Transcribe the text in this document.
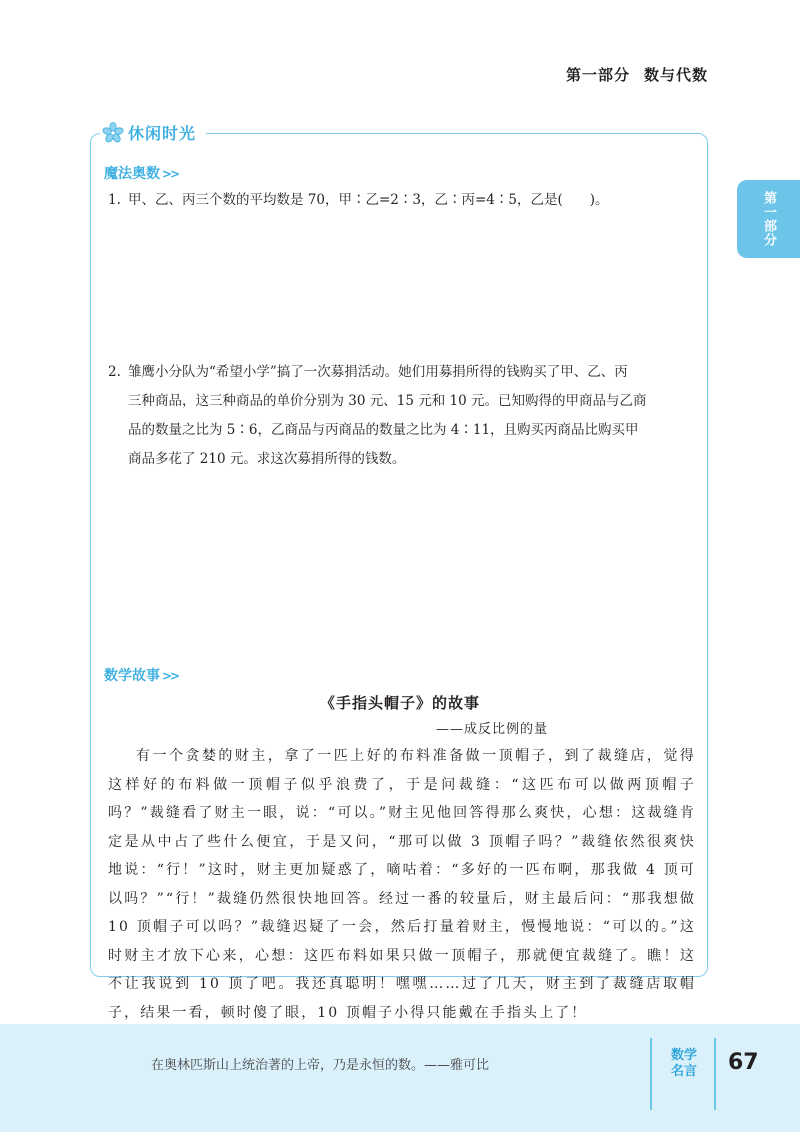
第一部分 数与代数
第一部分
休闲时光
魔法奥数 >>
1. 甲、乙、丙三个数的平均数是 70，甲∶乙=2∶3，乙∶丙=4∶5，乙是(　　)。
2. 雏鹰小分队为“希望小学”搞了一次募捐活动。她们用募捐所得的钱购买了甲、乙、丙
三种商品，这三种商品的单价分别为 30 元、15 元和 10 元。已知购得的甲商品与乙商
品的数量之比为 5∶6，乙商品与丙商品的数量之比为 4∶11，且购买丙商品比购买甲
商品多花了 210 元。求这次募捐所得的钱数。
数学故事 >>
《手指头帽子》的故事
——成反比例的量
有一个贪婪的财主，拿了一匹上好的布料准备做一顶帽子，到了裁缝店，觉得这样好的布料做一顶帽子似乎浪费了，于是问裁缝：“这匹布可以做两顶帽子吗？”裁缝看了财主一眼，说：“可以。”财主见他回答得那么爽快，心想：这裁缝肯定是从中占了些什么便宜，于是又问，“那可以做 3 顶帽子吗？”裁缝依然很爽快地说：“行！”这时，财主更加疑惑了，嘀咕着：“多好的一匹布啊，那我做 4 顶可以吗？”“行！”裁缝仍然很快地回答。经过一番的较量后，财主最后问：“那我想做 10 顶帽子可以吗？”裁缝迟疑了一会，然后打量着财主，慢慢地说：“可以的。”这时财主才放下心来，心想：这匹布料如果只做一顶帽子，那就便宜裁缝了。瞧！这不让我说到 10 顶了吧。我还真聪明！嘿嘿……过了几天，财主到了裁缝店取帽子，结果一看，顿时傻了眼，10 顶帽子小得只能戴在手指头上了！
在奥林匹斯山上统治著的上帝，乃是永恒的数。——雅可比
数学
名言	67
